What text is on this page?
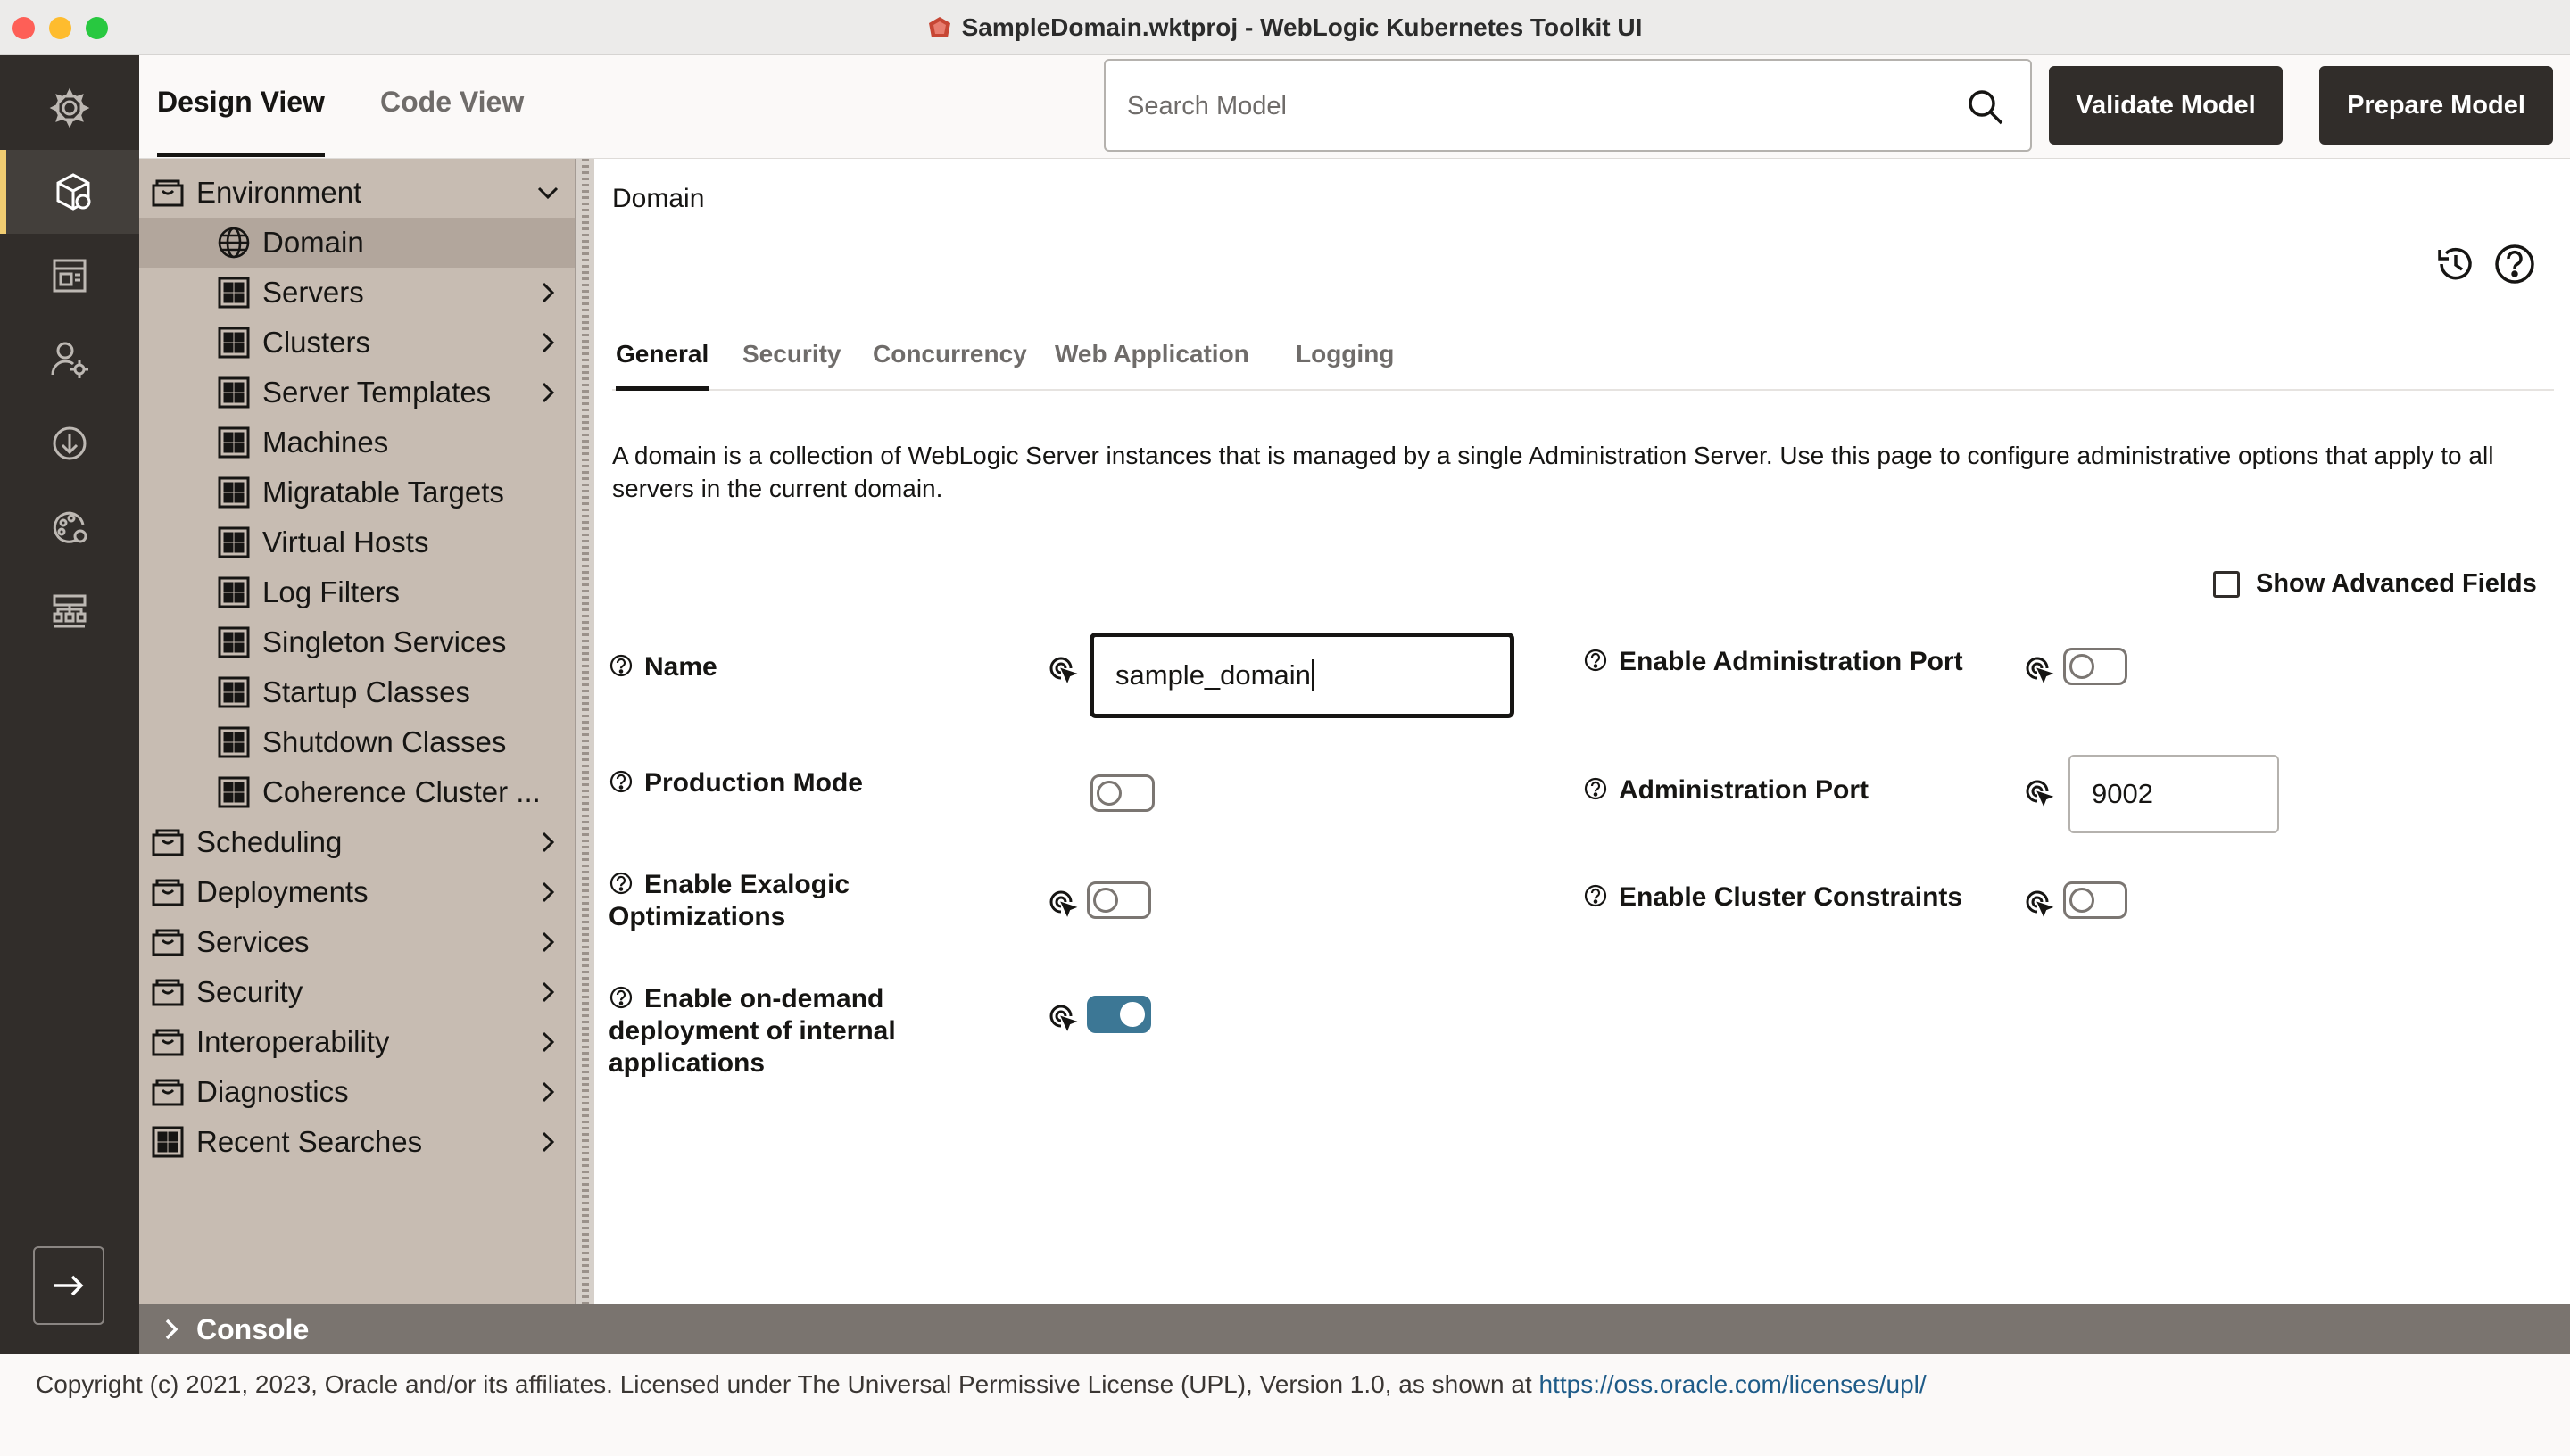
SampleDomain.wktproj - WebLogic Kubernetes Toolkit UI
Design View Code View
Search Model	Validate Model	Prepare Model
Environment
Domain
Servers
Clusters
Server Templates
Machines
Migratable Targets
Virtual Hosts
Log Filters
Singleton Services
Startup Classes
Shutdown Classes
Coherence Cluster ...
Scheduling
Deployments
Services
Security
Interoperability
Diagnostics
Recent Searches
Domain
General Security Concurrency Web Application Logging
A domain is a collection of WebLogic Server instances that is managed by a single Administration Server. Use this page to configure administrative options that apply to all servers in the current domain.
Show Advanced Fields
Name	sample_domain
Production Mode
Enable Exalogic
Optimizations
Enable on-demand
deployment of internal
applications
Enable Administration Port
Administration Port	9002
Enable Cluster Constraints
Console
Copyright (c) 2021, 2023, Oracle and/or its affiliates. Licensed under The Universal Permissive License (UPL), Version 1.0, as shown at https://oss.oracle.com/licenses/upl/
